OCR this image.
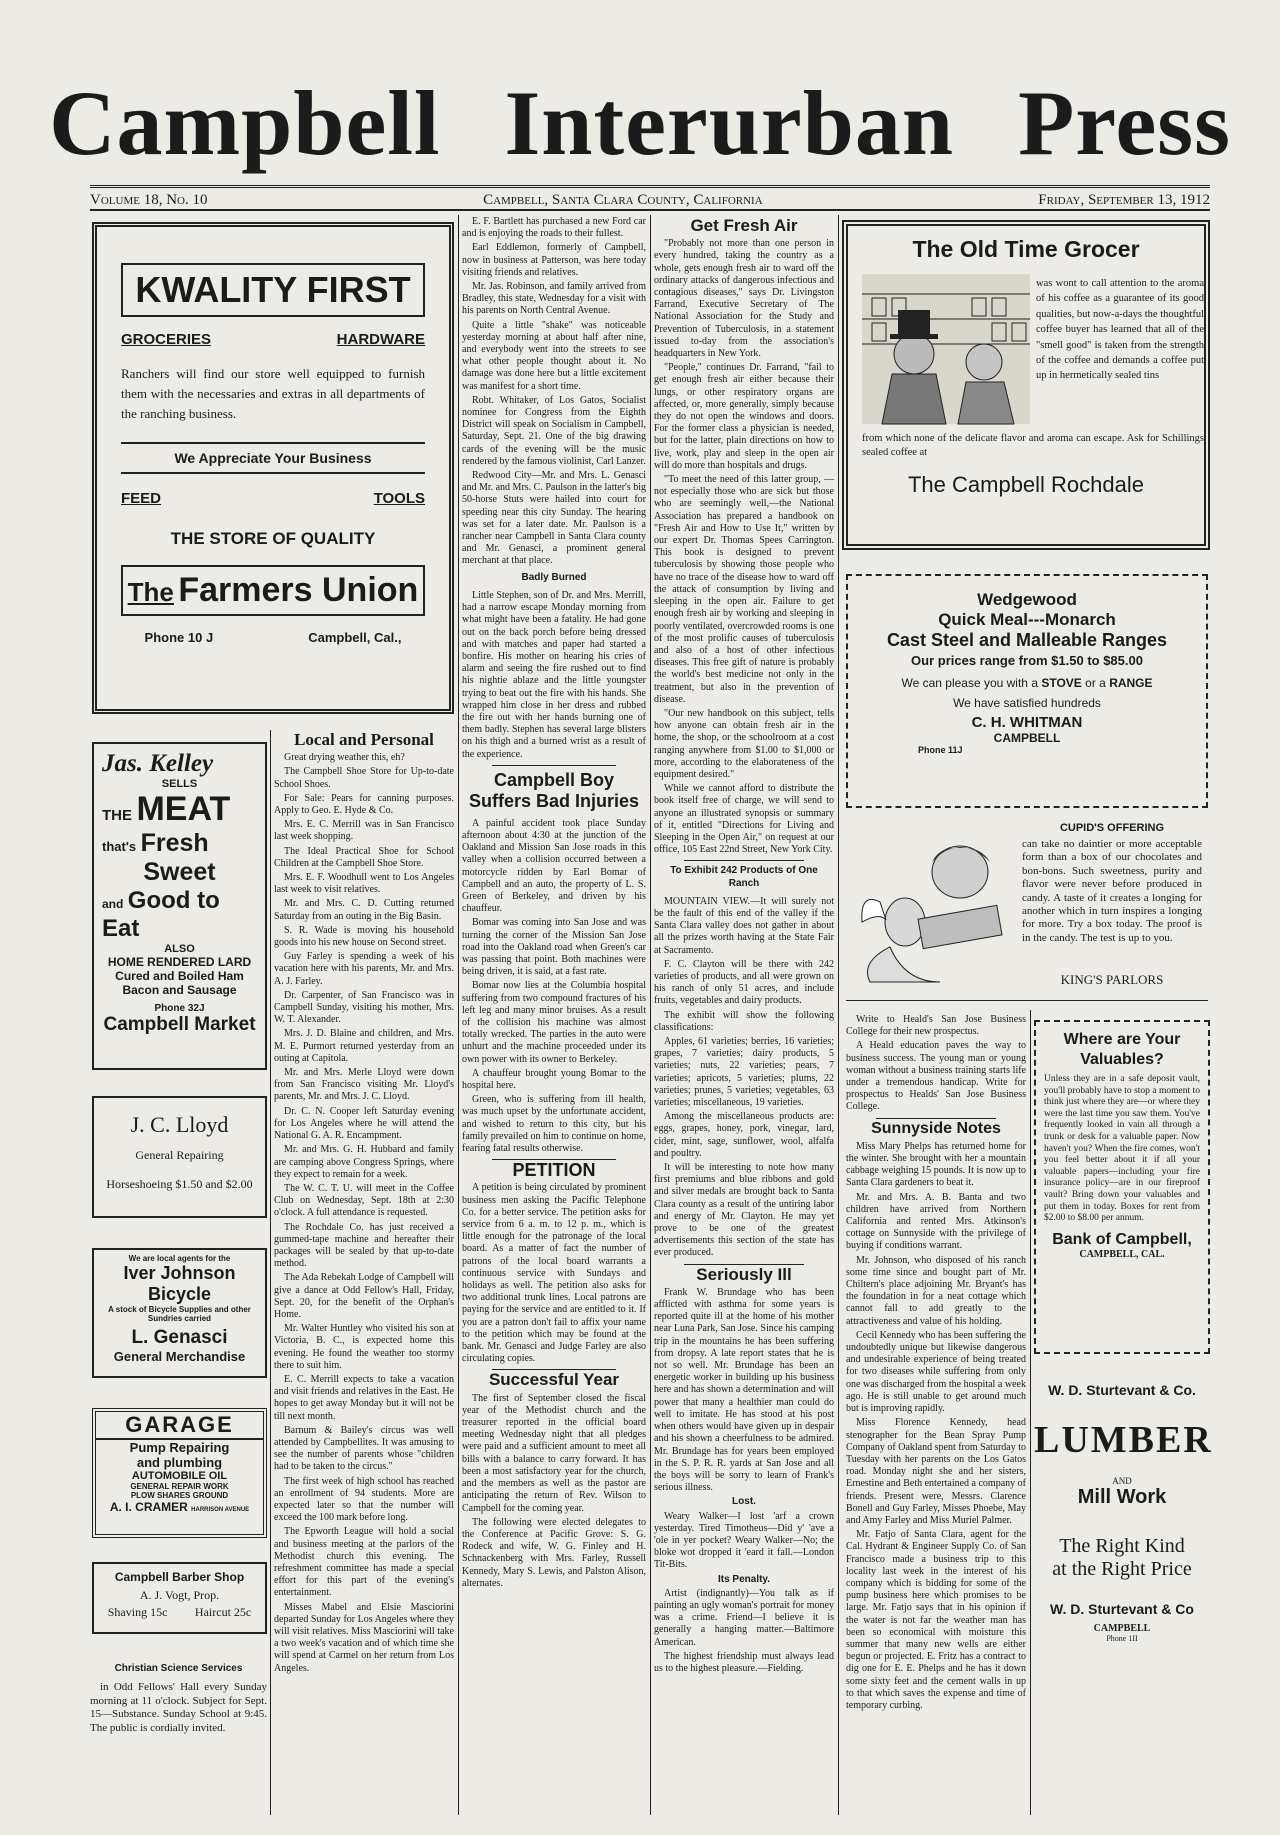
Campbell Interurban Press
Volume 18, No. 10	Campbell, Santa Clara County, California	Friday, September 13, 1912
KWALITY FIRST
GROCERIES	HARDWARE
Ranchers will find our store well equipped to furnish them with the necessaries and extras in all departments of the ranching business.
We Appreciate Your Business
FEED	TOOLS
THE STORE OF QUALITY
The Farmers Union
Phone 10 J	Campbell, Cal.,
Jas. Kelley
SELLS
THE MEAT
that's Fresh
Sweet
and Good to Eat
ALSO
HOME RENDERED LARD
Cured and Boiled Ham
Bacon and Sausage
Phone 32J
Campbell Market
J. C. Lloyd
General Repairing
Horseshoeing $1.50 and $2.00
We are local agents for the
Iver Johnson
Bicycle
A stock of Bicycle Supplies and other Sundries carried
L. Genasci
General Merchandise
GARAGE
Pump Repairing
and plumbing
AUTOMOBILE OIL
GENERAL REPAIR WORK
PLOW SHARES GROUND
A. I. CRAMER HARRISON AVENUE
Campbell Barber Shop
A. J. Vogt, Prop.
Shaving 15c Haircut 25c
Christian Science Services

in Odd Fellows' Hall every Sunday morning at 11 o'clock. Subject for Sept. 15—Substance. Sunday School at 9:45. The public is cordially invited.

Local and Personal

Great drying weather this, eh?

The Campbell Shoe Store for Up-to-date School Shoes.

For Sale: Pears for canning purposes. Apply to Geo. E. Hyde & Co.

Mrs. E. C. Merrill was in San Francisco last week shopping.

The Ideal Practical Shoe for School Children at the Campbell Shoe Store.

Mrs. E. F. Woodhull went to Los Angeles last week to visit relatives.

Mr. and Mrs. C. D. Cutting returned Saturday from an outing in the Big Basin.

S. R. Wade is moving his household goods into his new house on Second street.

Guy Farley is spending a week of his vacation here with his parents, Mr. and Mrs. A. J. Farley.

Dr. Carpenter, of San Francisco was in Campbell Sunday, visiting his mother, Mrs. W. T. Alexander.

Mrs. J. D. Blaine and children, and Mrs. M. E. Purmort returned yesterday from an outing at Capitola.

Mr. and Mrs. Merle Lloyd were down from San Francisco visiting Mr. Lloyd's parents, Mr. and Mrs. J. C. Lloyd.

Dr. C. N. Cooper left Saturday evening for Los Angeles where he will attend the National G. A. R. Encampment.

Mr. and Mrs. G. H. Hubbard and family are camping above Congress Springs, where they expect to remain for a week.

The W. C. T. U. will meet in the Coffee Club on Wednesday, Sept. 18th at 2:30 o'clock. A full attendance is requested.

The Rochdale Co. has just received a gummed-tape machine and hereafter their packages will be sealed by that up-to-date method.

The Ada Rebekah Lodge of Campbell will give a dance at Odd Fellow's Hall, Friday, Sept. 20, for the benefit of the Orphan's Home.

Mr. Walter Huntley who visited his son at Victoria, B. C., is expected home this evening. He found the weather too stormy there to suit him.

E. C. Merrill expects to take a vacation and visit friends and relatives in the East. He hopes to get away Monday but it will not be till next month.

Barnum & Bailey's circus was well attended by Campbellites. It was amusing to see the number of parents whose "children had to be taken to the circus."

The first week of high school has reached an enrollment of 94 students. More are expected later so that the number will exceed the 100 mark before long.

The Epworth League will hold a social and business meeting at the parlors of the Methodist church this evening. The refreshment committee has made a special effort for this part of the evening's entertainment.

Misses Mabel and Elsie Masciorini departed Sunday for Los Angeles where they will visit relatives. Miss Masciorini will take a two week's vacation and of which time she will spend at Carmel on her return from Los Angeles.

E. F. Bartlett has purchased a new Ford car and is enjoying the roads to their fullest.

Earl Eddlemon, formerly of Campbell, now in business at Patterson, was here today visiting friends and relatives.

Mr. Jas. Robinson, and family arrived from Bradley, this state, Wednesday for a visit with his parents on North Central Avenue.

Quite a little "shake" was noticeable yesterday morning at about half after nine, and everybody went into the streets to see what other people thought about it. No damage was done here but a little excitement was manifest for a short time.

Robt. Whitaker, of Los Gatos, Socialist nominee for Congress from the Eighth District will speak on Socialism in Campbell, Saturday, Sept. 21. One of the big drawing cards of the evening will be the music rendered by the famous violinist, Carl Lanzer.

Redwood City—Mr. and Mrs. L. Genasci and Mr. and Mrs. C. Paulson in the latter's big 50-horse Stuts were hailed into court for speeding near this city Sunday. The hearing was set for a later date. Mr. Paulson is a rancher near Campbell in Santa Clara county and Mr. Genasci, a prominent general merchant at that place.

Badly Burned

Little Stephen, son of Dr. and Mrs. Merrill, had a narrow escape Monday morning from what might have been a fatality. He had gone out on the back porch before being dressed and with matches and paper had started a bonfire. His mother on hearing his cries of alarm and seeing the fire rushed out to find his nightie ablaze and the little youngster trying to beat out the fire with his hands. She wrapped him close in her dress and rubbed the fire out with her hands burning one of them badly. Stephen has several large blisters on his thigh and a burned wrist as a result of the experience.

Campbell Boy Suffers Bad Injuries

A painful accident took place Sunday afternoon about 4:30 at the junction of the Oakland and Mission San Jose roads in this valley when a collision occurred between a motorcycle ridden by Earl Bomar of Campbell and an auto, the property of L. S. Green of Berkeley, and driven by his chauffeur.

Bomar was coming into San Jose and was turning the corner of the Mission San Jose road into the Oakland road when Green's car was passing that point. Both machines were being driven, it is said, at a fast rate.

Bomar now lies at the Columbia hospital suffering from two compound fractures of his left leg and many minor bruises. As a result of the collision his machine was almost totally wrecked. The parties in the auto were unhurt and the machine proceeded under its own power with its owner to Berkeley.

A chauffeur brought young Bomar to the hospital here.

Green, who is suffering from ill health, was much upset by the unfortunate accident, and wished to return to this city, but his family prevailed on him to continue on home, fearing fatal results otherwise.

PETITION

A petition is being circulated by prominent business men asking the Pacific Telephone Co. for a better service. The petition asks for service from 6 a. m. to 12 p. m., which is little enough for the patronage of the local board. As a matter of fact the number of patrons of the local board warrants a continuous service with Sundays and holidays as well. The petition also asks for two additional trunk lines. Local patrons are paying for the service and are entitled to it. If you are a patron don't fail to affix your name to the petition which may be found at the bank. Mr. Genasci and Judge Farley are also circulating copies.

Successful Year

The first of September closed the fiscal year of the Methodist church and the treasurer reported in the official board meeting Wednesday night that all pledges were paid and a sufficient amount to meet all bills with a balance to carry forward. It has been a most satisfactory year for the church, and the members as well as the pastor are anticipating the return of Rev. Wilson to Campbell for the coming year.

The following were elected delegates to the Conference at Pacific Grove: S. G. Rodeck and wife, W. G. Finley and H. Schnackenberg with Mrs. Farley, Russell Kennedy, Mary S. Lewis, and Palston Alison, alternates.

Get Fresh Air

"Probably not more than one person in every hundred, taking the country as a whole, gets enough fresh air to ward off the ordinary attacks of dangerous infectious and contagious diseases," says Dr. Livingston Farrand, Executive Secretary of The National Association for the Study and Prevention of Tuberculosis, in a statement issued to-day from the association's headquarters in New York.

"People," continues Dr. Farrand, "fail to get enough fresh air either because their lungs, or other respiratory organs are affected, or, more generally, simply because they do not open the windows and doors. For the former class a physician is needed, but for the latter, plain directions on how to live, work, play and sleep in the open air will do more than hospitals and drugs.

"To meet the need of this latter group, —not especially those who are sick but those who are seemingly well,—the National Association has prepared a handbook on "Fresh Air and How to Use It," written by our expert Dr. Thomas Spees Carrington. This book is designed to prevent tuberculosis by showing those people who have no trace of the disease how to ward off the attack of consumption by living and sleeping in the open air. Failure to get enough fresh air by working and sleeping in poorly ventilated, overcrowded rooms is one of the most prolific causes of tuberculosis and also of a host of other infectious diseases. This free gift of nature is probably the world's best medicine not only in the treatment, but also in the prevention of disease.

"Our new handbook on this subject, tells how anyone can obtain fresh air in the home, the shop, or the schoolroom at a cost ranging anywhere from $1.00 to $1,000 or more, according to the elaborateness of the equipment desired."

While we cannot afford to distribute the book itself free of charge, we will send to anyone an illustrated synopsis or summary of it, entitled "Directions for Living and Sleeping in the Open Air," on request at our office, 105 East 22nd Street, New York City.

To Exhibit 242 Products of One Ranch

MOUNTAIN VIEW.—It will surely not be the fault of this end of the valley if the Santa Clara valley does not gather in about all the prizes worth having at the State Fair at Sacramento.

F. C. Clayton will be there with 242 varieties of products, and all were grown on his ranch of only 51 acres, and include fruits, vegetables and dairy products.

The exhibit will show the following classifications:

Apples, 61 varieties; berries, 16 varieties; grapes, 7 varieties; dairy products, 5 varieties; nuts, 22 varieties; pears, 7 varieties; apricots, 5 varieties; plums, 22 varieties; prunes, 5 varieties; vegetables, 63 varieties; miscellaneous, 19 varieties.

Among the miscellaneous products are: eggs, grapes, honey, pork, vinegar, lard, cider, mint, sage, sunflower, wool, alfalfa and poultry.

It will be interesting to note how many first premiums and blue ribbons and gold and silver medals are brought back to Santa Clara county as a result of the untiring labor and energy of Mr. Clayton. He may yet prove to be one of the greatest advertisements this section of the state has ever produced.

Seriously Ill

Frank W. Brundage who has been afflicted with asthma for some years is reported quite ill at the home of his mother near Luna Park, San Jose. Since his camping trip in the mountains he has been suffering from dropsy. A late report states that he is not so well. Mr. Brundage has been an energetic worker in building up his business here and has shown a determination and will power that many a healthier man could do well to imitate. He has stood at his post when others would have given up in despair and his shown a cheerfulness to be admired. Mr. Brundage has for years been employed in the S. P. R. R. yards at San Jose and all the boys will be sorry to learn of Frank's serious illness.

Lost.

Weary Walker—I lost 'arf a crown yesterday. Tired Timotheus—Did y' 'ave a 'ole in yer pocket? Weary Walker—No; the bloke wot dropped it 'eard it fall.—London Tit-Bits.

Its Penalty.

Artist (indignantly)—You talk as if painting an ugly woman's portrait for money was a crime. Friend—I believe it is generally a hanging matter.—Baltimore American.

The highest friendship must always lead us to the highest pleasure.—Fielding.

The Old Time Grocer
was wont to call attention to the aroma of his coffee as a guarantee of its good qualities, but now-a-days the thoughtful coffee buyer has learned that all of the "smell good" is taken from the strength of the coffee and demands a coffee put up in hermetically sealed tins
from which none of the delicate flavor and aroma can escape. Ask for Schillings sealed coffee at
The Campbell Rochdale
Wedgewood
Quick Meal---Monarch
Cast Steel and Malleable Ranges
Our prices range from $1.50 to $85.00
We can please you with a STOVE or a RANGE
We have satisfied hundreds
C. H. WHITMAN
CAMPBELL
Phone 11J
CUPID'S OFFERING
can take no daintier or more acceptable form than a box of our chocolates and bon-bons. Such sweetness, purity and flavor were never before produced in candy. A taste of it creates a longing for another which in turn inspires a longing for more. Try a box today. The proof is in the candy. The test is up to you.
KING'S PARLORS

Write to Heald's San Jose Business College for their new prospectus.

A Heald education paves the way to business success. The young man or young woman without a business training starts life under a tremendous handicap. Write for prospectus to Healds' San Jose Business College.

Sunnyside Notes

Miss Mary Phelps has returned home for the winter. She brought with her a mountain cabbage weighing 15 pounds. It is now up to Santa Clara gardeners to beat it.

Mr. and Mrs. A. B. Banta and two children have arrived from Northern California and rented Mrs. Atkinson's cottage on Sunnyside with the privilege of buying if conditions warrant.

Mr. Johnson, who disposed of his ranch some time since and bought part of Mr. Chiltern's place adjoining Mr. Bryant's has the foundation in for a neat cottage which cannot fall to add greatly to the attractiveness and value of his holding.

Cecil Kennedy who has been suffering the undoubtedly unique but likewise dangerous and undesirable experience of being treated for two diseases while suffering from only one was discharged from the hospital a week ago. He is still unable to get around much but is improving rapidly.

Miss Florence Kennedy, head stenographer for the Bean Spray Pump Company of Oakland spent from Saturday to Tuesday with her parents on the Los Gatos road. Monday night she and her sisters, Ernestine and Beth entertained a company of friends. Present were, Messrs. Clarence Bonell and Guy Farley, Misses Phoebe, May and Amy Farley and Miss Muriel Palmer.

Mr. Fatjo of Santa Clara, agent for the Cal. Hydrant & Engineer Supply Co. of San Francisco made a business trip to this locality last week in the interest of his company which is bidding for some of the pump business here which promises to be large. Mr. Fatjo says that in his opinion if the water is not far the weather man has been so economical with moisture this summer that many new wells are either begun or projected. E. Fritz has a contract to dig one for E. E. Phelps and he has it down some sixty feet and the cement walls in up to that which saves the expense and time of temporary curbing.

Where are Your Valuables?
Unless they are in a safe deposit vault, you'll probably have to stop a moment to think just where they are—or where they were the last time you saw them. You've frequently looked in vain all through a trunk or desk for a valuable paper. Now haven't you? When the fire comes, won't you feel better about it if all your valuable papers—including your fire insurance policy—are in our fireproof vault? Bring down your valuables and put them in today. Boxes for rent from $2.00 to $8.00 per annum.
Bank of Campbell,
CAMPBELL, CAL.
W. D. Sturtevant & Co.
LUMBER
AND
Mill Work
The Right Kind
at the Right Price
W. D. Sturtevant & Co
CAMPBELL
Phone 1II
